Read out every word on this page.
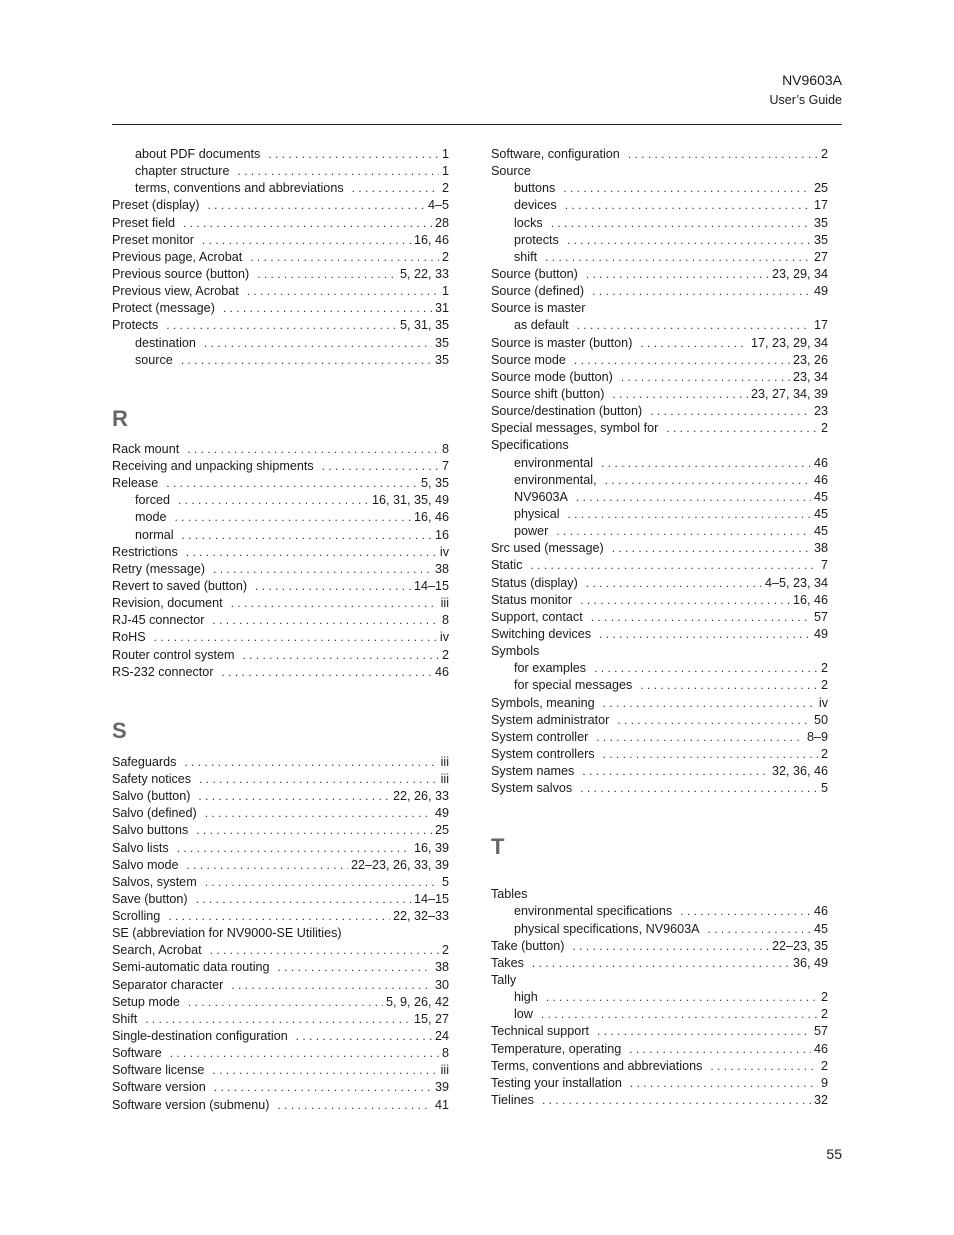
NV9603A
User’s Guide
about PDF documents . . .	1
chapter structure . . .	1
terms, conventions and abbreviations . . .	2
Preset (display) . . .	4–5
Preset field . . .	28
Preset monitor . . .	16, 46
Previous page, Acrobat . . .	2
Previous source (button) . . .	5, 22, 33
Previous view, Acrobat . . .	1
Protect (message) . . .	31
Protects . . .	5, 31, 35
destination . . .	35
source . . .	35
R
Rack mount . . .	8
Receiving and unpacking shipments . . .	7
Release . . .	5, 35
forced . . .	16, 31, 35, 49
mode . . .	16, 46
normal . . .	16
Restrictions . . .	iv
Retry (message) . . .	38
Revert to saved (button) . . .	14–15
Revision, document . . .	iii
RJ-45 connector . . .	8
RoHS . . .	iv
Router control system . . .	2
RS-232 connector . . .	46
S
Safeguards . . .	iii
Safety notices . . .	iii
Salvo (button) . . .	22, 26, 33
Salvo (defined) . . .	49
Salvo buttons . . .	25
Salvo lists . . .	16, 39
Salvo mode . . .	22–23, 26, 33, 39
Salvos, system . . .	5
Save (button) . . .	14–15
Scrolling . . .	22, 32–33
SE (abbreviation for NV9000-SE Utilities)
Search, Acrobat . . .	2
Semi-automatic data routing . . .	38
Separator character . . .	30
Setup mode . . .	5, 9, 26, 42
Shift . . .	15, 27
Single-destination configuration . . .	24
Software . . .	8
Software license . . .	iii
Software version . . .	39
Software version (submenu) . . .	41
Software, configuration . . .	2
Source
buttons . . .	25
devices . . .	17
locks . . .	35
protects . . .	35
shift . . .	27
Source (button) . . .	23, 29, 34
Source (defined) . . .	49
Source is master
as default . . .	17
Source is master (button) . . .	17, 23, 29, 34
Source mode . . .	23, 26
Source mode (button) . . .	23, 34
Source shift (button) . . .	23, 27, 34, 39
Source/destination (button) . . .	23
Special messages, symbol for . . .	2
Specifications
environmental . . .	46
environmental, . . .	46
NV9603A . . .	45
physical . . .	45
power . . .	45
Src used (message) . . .	38
Static . . .	7
Status (display) . . .	4–5, 23, 34
Status monitor . . .	16, 46
Support, contact . . .	57
Switching devices . . .	49
Symbols
for examples . . .	2
for special messages . . .	2
Symbols, meaning . . .	iv
System administrator . . .	50
System controller . . .	8–9
System controllers . . .	2
System names . . .	32, 36, 46
System salvos . . .	5
T
Tables
environmental specifications . . .	46
physical specifications, NV9603A . . .	45
Take (button) . . .	22–23, 35
Takes . . .	36, 49
Tally
high . . .	2
low . . .	2
Technical support . . .	57
Temperature, operating . . .	46
Terms, conventions and abbreviations . . .	2
Testing your installation . . .	9
Tielines . . .	32
55
